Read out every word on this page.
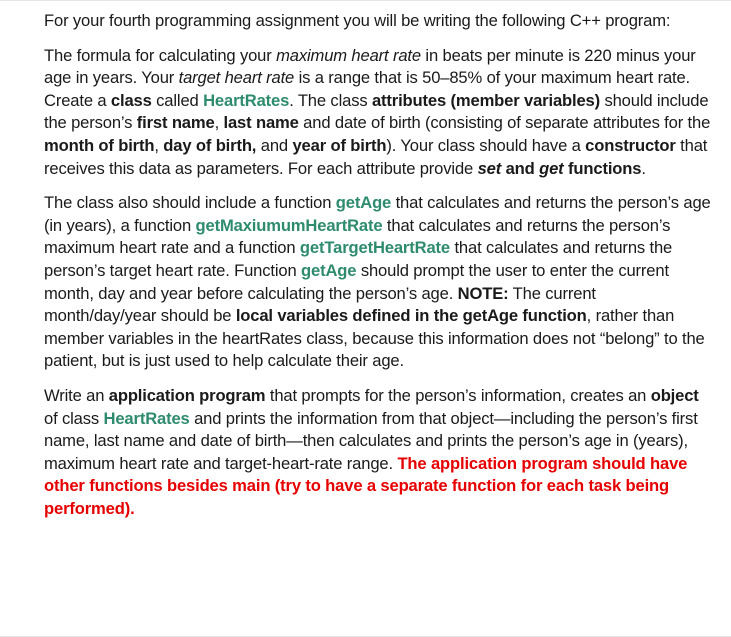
For your fourth programming assignment you will be writing the following C++ program:

The formula for calculating your maximum heart rate in beats per minute is 220 minus your age in years. Your target heart rate is a range that is 50–85% of your maximum heart rate. Create a class called HeartRates. The class attributes (member variables) should include the person’s first name, last name and date of birth (consisting of separate attributes for the month of birth, day of birth, and year of birth). Your class should have a constructor that receives this data as parameters. For each attribute provide set and get functions.

The class also should include a function getAge that calculates and returns the person’s age (in years), a function getMaxiumumHeartRate that calculates and returns the person’s maximum heart rate and a function getTargetHeartRate that calculates and returns the person’s target heart rate. Function getAge should prompt the user to enter the current month, day and year before calculating the person’s age. NOTE: The current month/day/year should be local variables defined in the getAge function, rather than member variables in the heartRates class, because this information does not “belong” to the patient, but is just used to help calculate their age.

Write an application program that prompts for the person’s information, creates an object of class HeartRates and prints the information from that object—including the person’s first name, last name and date of birth—then calculates and prints the person’s age in (years), maximum heart rate and target-heart-rate range. The application program should have other functions besides main (try to have a separate function for each task being performed).
